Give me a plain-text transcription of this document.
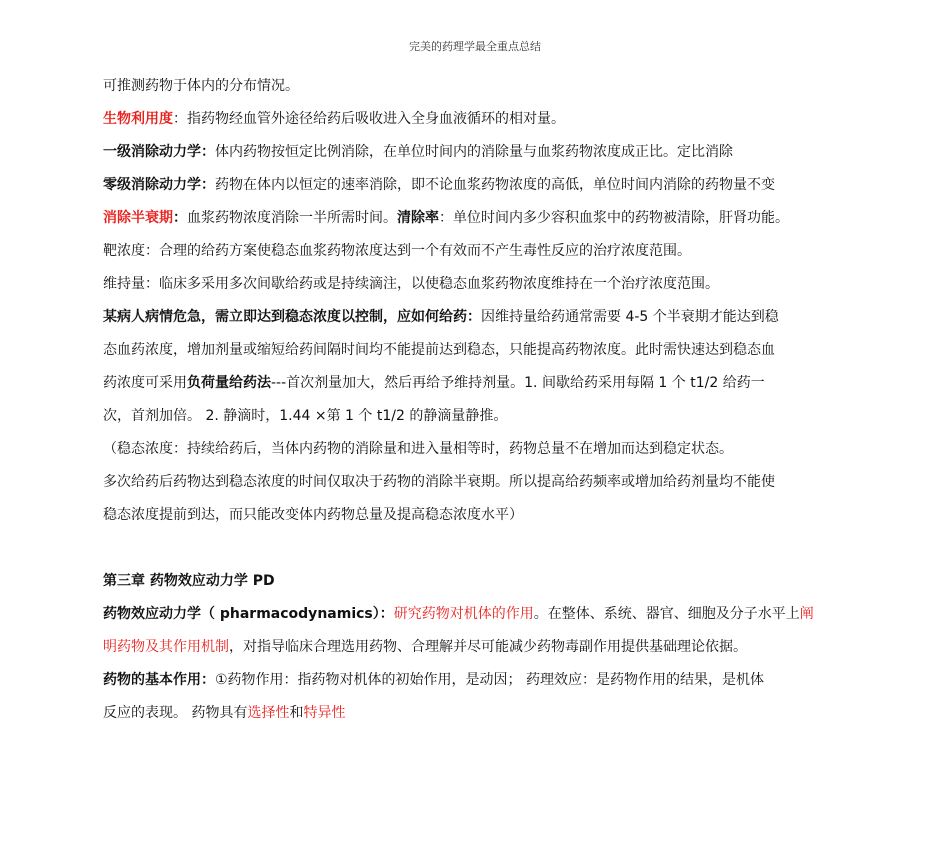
完美的药理学最全重点总结
可推测药物于体内的分布情况。
生物利用度：指药物经血管外途径给药后吸收进入全身血液循环的相对量。
一级消除动力学：体内药物按恒定比例消除，在单位时间内的消除量与血浆药物浓度成正比。定比消除
零级消除动力学：药物在体内以恒定的速率消除，即不论血浆药物浓度的高低，单位时间内消除的药物量不变
消除半衰期：血浆药物浓度消除一半所需时间。清除率：单位时间内多少容积血浆中的药物被清除，肝肾功能。
靶浓度：合理的给药方案使稳态血浆药物浓度达到一个有效而不产生毒性反应的治疗浓度范围。
维持量：临床多采用多次间歇给药或是持续滴注，以使稳态血浆药物浓度维持在一个治疗浓度范围。
某病人病情危急，需立即达到稳态浓度以控制，应如何给药：因维持量给药通常需要 4-5 个半衰期才能达到稳
态血药浓度，增加剂量或缩短给药间隔时间均不能提前达到稳态，只能提高药物浓度。此时需快速达到稳态血
药浓度可采用负荷量给药法---首次剂量加大，然后再给予维持剂量。1. 间歇给药采用每隔 1 个 t1/2 给药一
次，首剂加倍。 2. 静滴时，1.44 ×第 1 个 t1/2 的静滴量静推。
（稳态浓度：持续给药后，当体内药物的消除量和进入量相等时，药物总量不在增加而达到稳定状态。
多次给药后药物达到稳态浓度的时间仅取决于药物的消除半衰期。所以提高给药频率或增加给药剂量均不能使
稳态浓度提前到达，而只能改变体内药物总量及提高稳态浓度水平）
第三章 药物效应动力学 PD
药物效应动力学（ pharmacodynamics）：研究药物对机体的作用。在整体、系统、器官、细胞及分子水平上阐
明药物及其作用机制，对指导临床合理选用药物、合理解并尽可能减少药物毒副作用提供基础理论依据。
药物的基本作用：①药物作用：指药物对机体的初始作用，是动因； 药理效应：是药物作用的结果，是机体
反应的表现。 药物具有选择性和特异性
